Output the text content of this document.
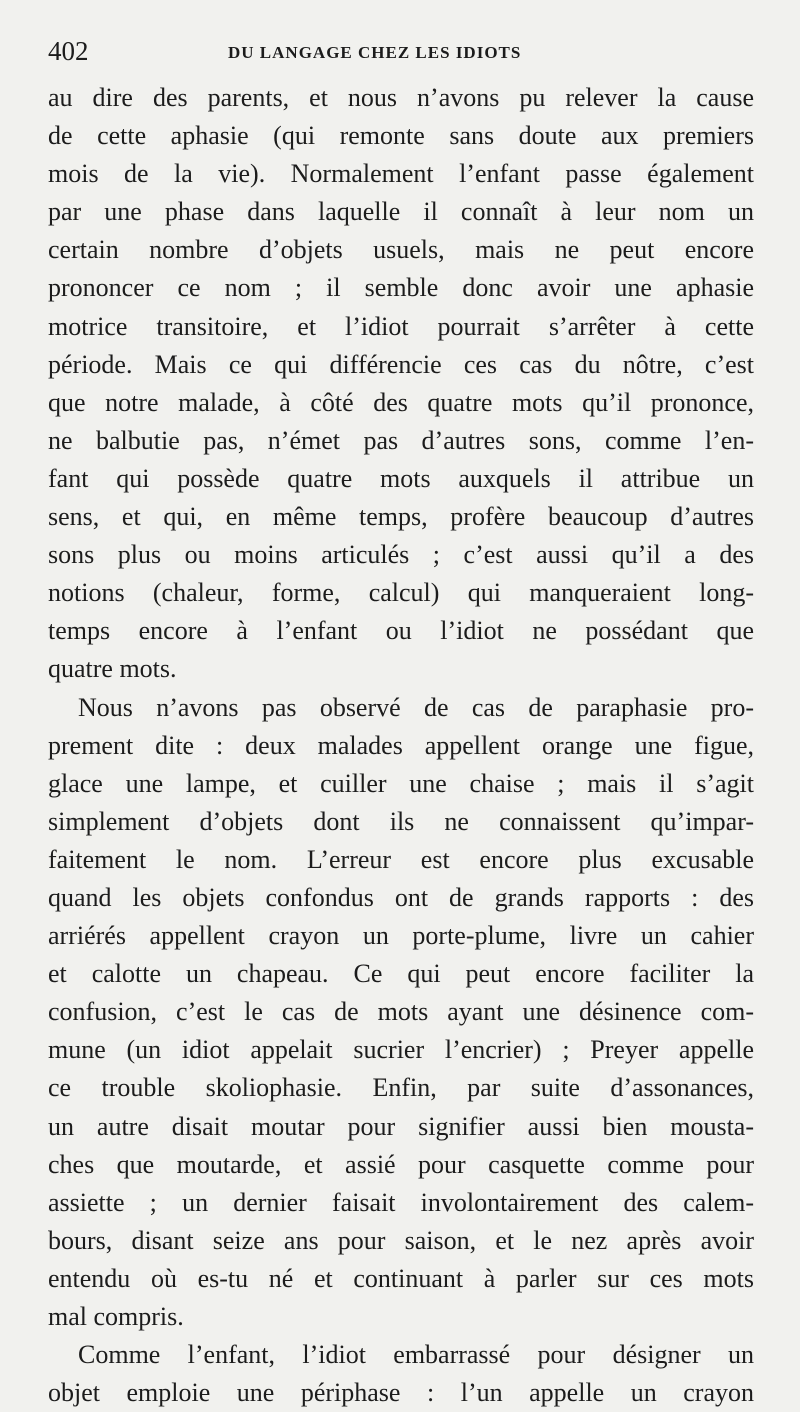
402	DU LANGAGE CHEZ LES IDIOTS
au dire des parents, et nous n’avons pu relever la cause
de cette aphasie (qui remonte sans doute aux premiers
mois de la vie). Normalement l’enfant passe également
par une phase dans laquelle il connaît à leur nom un
certain nombre d’objets usuels, mais ne peut encore
prononcer ce nom ; il semble donc avoir une aphasie
motrice transitoire, et l’idiot pourrait s’arrêter à cette
période. Mais ce qui différencie ces cas du nôtre, c’est
que notre malade, à côté des quatre mots qu’il prononce,
ne balbutie pas, n’émet pas d’autres sons, comme l’en-
fant qui possède quatre mots auxquels il attribue un
sens, et qui, en même temps, profère beaucoup d’autres
sons plus ou moins articulés ; c’est aussi qu’il a des
notions (chaleur, forme, calcul) qui manqueraient long-
temps encore à l’enfant ou l’idiot ne possédant que
quatre mots.
Nous n’avons pas observé de cas de paraphasie pro-
prement dite : deux malades appellent orange une figue,
glace une lampe, et cuiller une chaise ; mais il s’agit
simplement d’objets dont ils ne connaissent qu’impar-
faitement le nom. L’erreur est encore plus excusable
quand les objets confondus ont de grands rapports : des
arriérés appellent crayon un porte-plume, livre un cahier
et calotte un chapeau. Ce qui peut encore faciliter la
confusion, c’est le cas de mots ayant une désinence com-
mune (un idiot appelait sucrier l’encrier) ; Preyer appelle
ce trouble skoliophasie. Enfin, par suite d’assonances,
un autre disait moutar pour signifier aussi bien mousta-
ches que moutarde, et assié pour casquette comme pour
assiette ; un dernier faisait involontairement des calem-
bours, disant seize ans pour saison, et le nez après avoir
entendu où es-tu né et continuant à parler sur ces mots
mal compris.
Comme l’enfant, l’idiot embarrassé pour désigner un
objet emploie une périphase : l’un appelle un crayon
